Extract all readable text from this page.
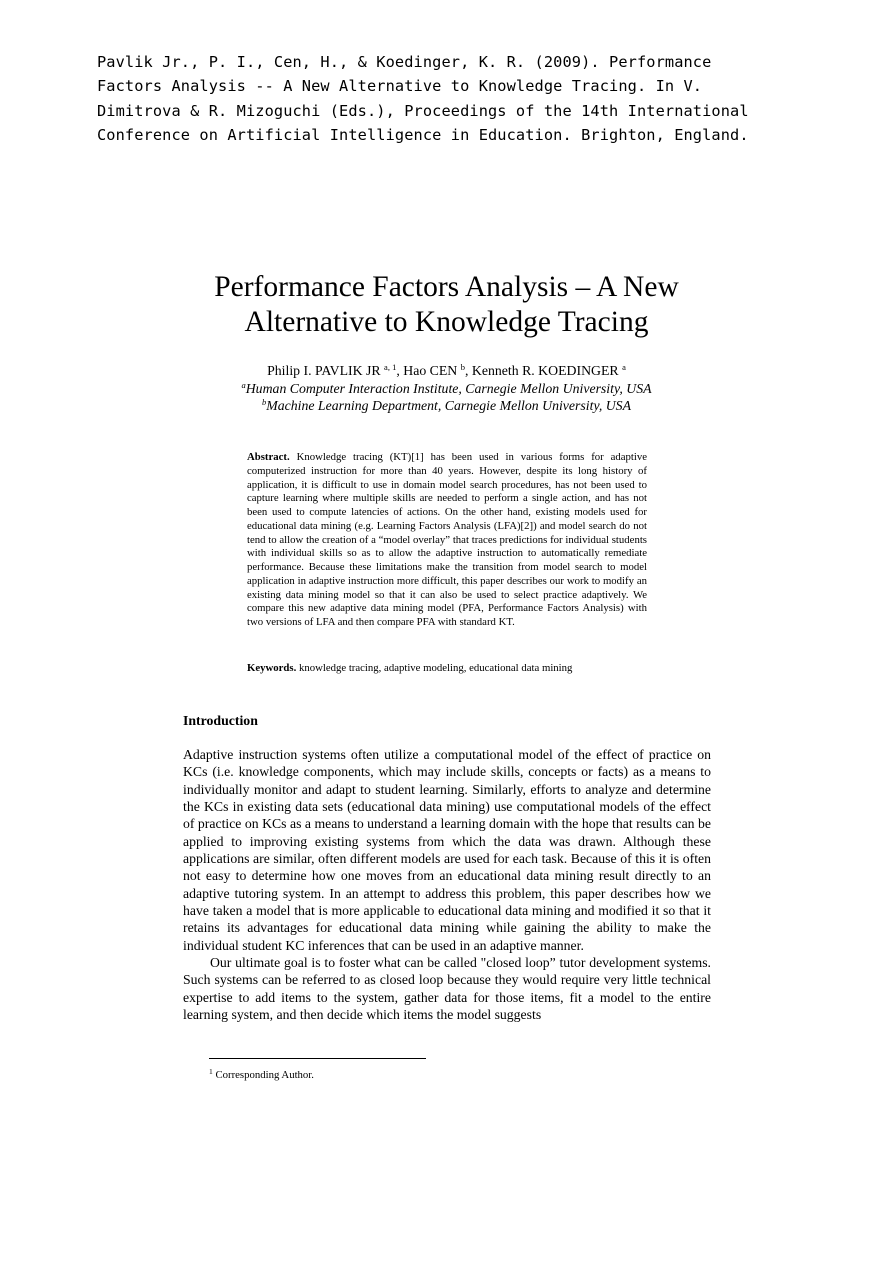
Pavlik Jr., P. I., Cen, H., & Koedinger, K. R. (2009). Performance
Factors Analysis -- A New Alternative to Knowledge Tracing. In V.
Dimitrova & R. Mizoguchi (Eds.), Proceedings of the 14th International
Conference on Artificial Intelligence in Education. Brighton, England.
Performance Factors Analysis – A New
Alternative to Knowledge Tracing
Philip I. PAVLIK JR $^{a, 1}$, Hao CEN $^b$, Kenneth R. KOEDINGER $^a$
$^a$Human Computer Interaction Institute, Carnegie Mellon University, USA
$^b$Machine Learning Department, Carnegie Mellon University, USA
Abstract. Knowledge tracing (KT)[1] has been used in various forms for adaptive computerized instruction for more than 40 years. However, despite its long history of application, it is difficult to use in domain model search procedures, has not been used to capture learning where multiple skills are needed to perform a single action, and has not been used to compute latencies of actions. On the other hand, existing models used for educational data mining (e.g. Learning Factors Analysis (LFA)[2]) and model search do not tend to allow the creation of a “model overlay” that traces predictions for individual students with individual skills so as to allow the adaptive instruction to automatically remediate performance. Because these limitations make the transition from model search to model application in adaptive instruction more difficult, this paper describes our work to modify an existing data mining model so that it can also be used to select practice adaptively. We compare this new adaptive data mining model (PFA, Performance Factors Analysis) with two versions of LFA and then compare PFA with standard KT.
Keywords. knowledge tracing, adaptive modeling, educational data mining
Introduction

Adaptive instruction systems often utilize a computational model of the effect of practice on KCs (i.e. knowledge components, which may include skills, concepts or facts) as a means to individually monitor and adapt to student learning. Similarly, efforts to analyze and determine the KCs in existing data sets (educational data mining) use computational models of the effect of practice on KCs as a means to understand a learning domain with the hope that results can be applied to improving existing systems from which the data was drawn. Although these applications are similar, often different models are used for each task. Because of this it is often not easy to determine how one moves from an educational data mining result directly to an adaptive tutoring system. In an attempt to address this problem, this paper describes how we have taken a model that is more applicable to educational data mining and modified it so that it retains its advantages for educational data mining while gaining the ability to make the individual student KC inferences that can be used in an adaptive manner.

Our ultimate goal is to foster what can be called "closed loop” tutor development systems. Such systems can be referred to as closed loop because they would require very little technical expertise to add items to the system, gather data for those items, fit a model to the entire learning system, and then decide which items the model suggests

$^1$ Corresponding Author.
